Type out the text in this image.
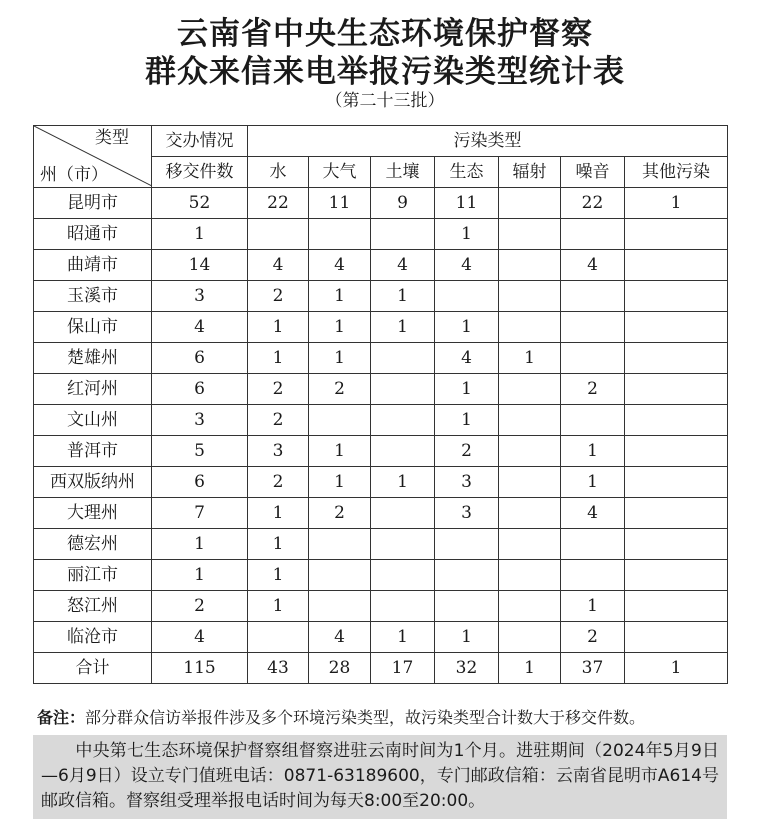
云南省中央生态环境保护督察
群众来信来电举报污染类型统计表
（第二十三批）
类型
州（市）	交办情况	污染类型						
	移交件数	水	大气	土壤	生态	辐射	噪音	其他污染
昆明市	52	22	11	9	11		22	1
昭通市	1				1			
曲靖市	14	4	4	4	4		4	
玉溪市	3	2	1	1				
保山市	4	1	1	1	1			
楚雄州	6	1	1		4	1		
红河州	6	2	2		1		2	
文山州	3	2			1			
普洱市	5	3	1		2		1	
西双版纳州	6	2	1	1	3		1	
大理州	7	1	2		3		4	
德宏州	1	1						
丽江市	1	1						
怒江州	2	1					1	
临沧市	4		4	1	1		2	
合计	115	43	28	17	32	1	37	1
备注：部分群众信访举报件涉及多个环境污染类型，故污染类型合计数大于移交件数。
　　中央第七生态环境保护督察组督察进驻云南时间为1个月。进驻期间（2024年5月9日—6月9日）设立专门值班电话：0871-63189600，专门邮政信箱：云南省昆明市A614号邮政信箱。督察组受理举报电话时间为每天8:00至20:00。
